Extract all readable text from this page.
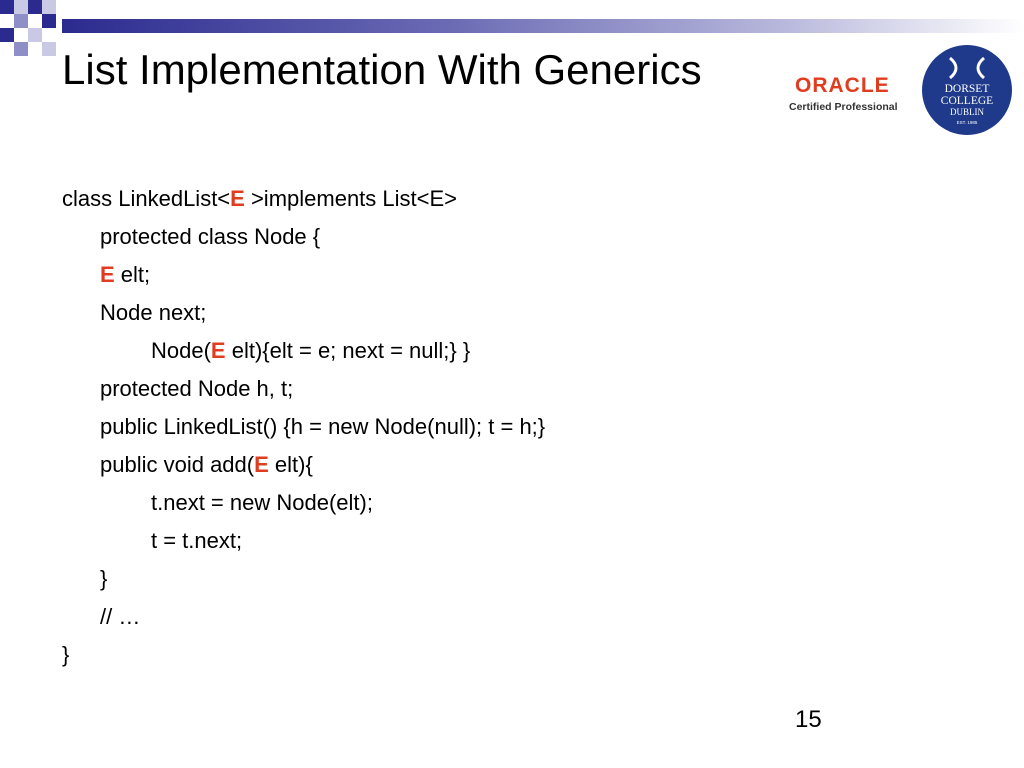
List Implementation With Generics	ORACLE
Certified Professional
DORSET
COLLEGE
DUBLIN
EST. 1985
class LinkedList<E >implements List<E>
protected class Node {
E elt;
Node next;
Node(E elt){elt = e; next = null;} }
protected Node h, t;
public LinkedList() {h = new Node(null); t = h;}
public void add(E elt){
t.next = new Node(elt);
t = t.next;
}
// …
}
15
